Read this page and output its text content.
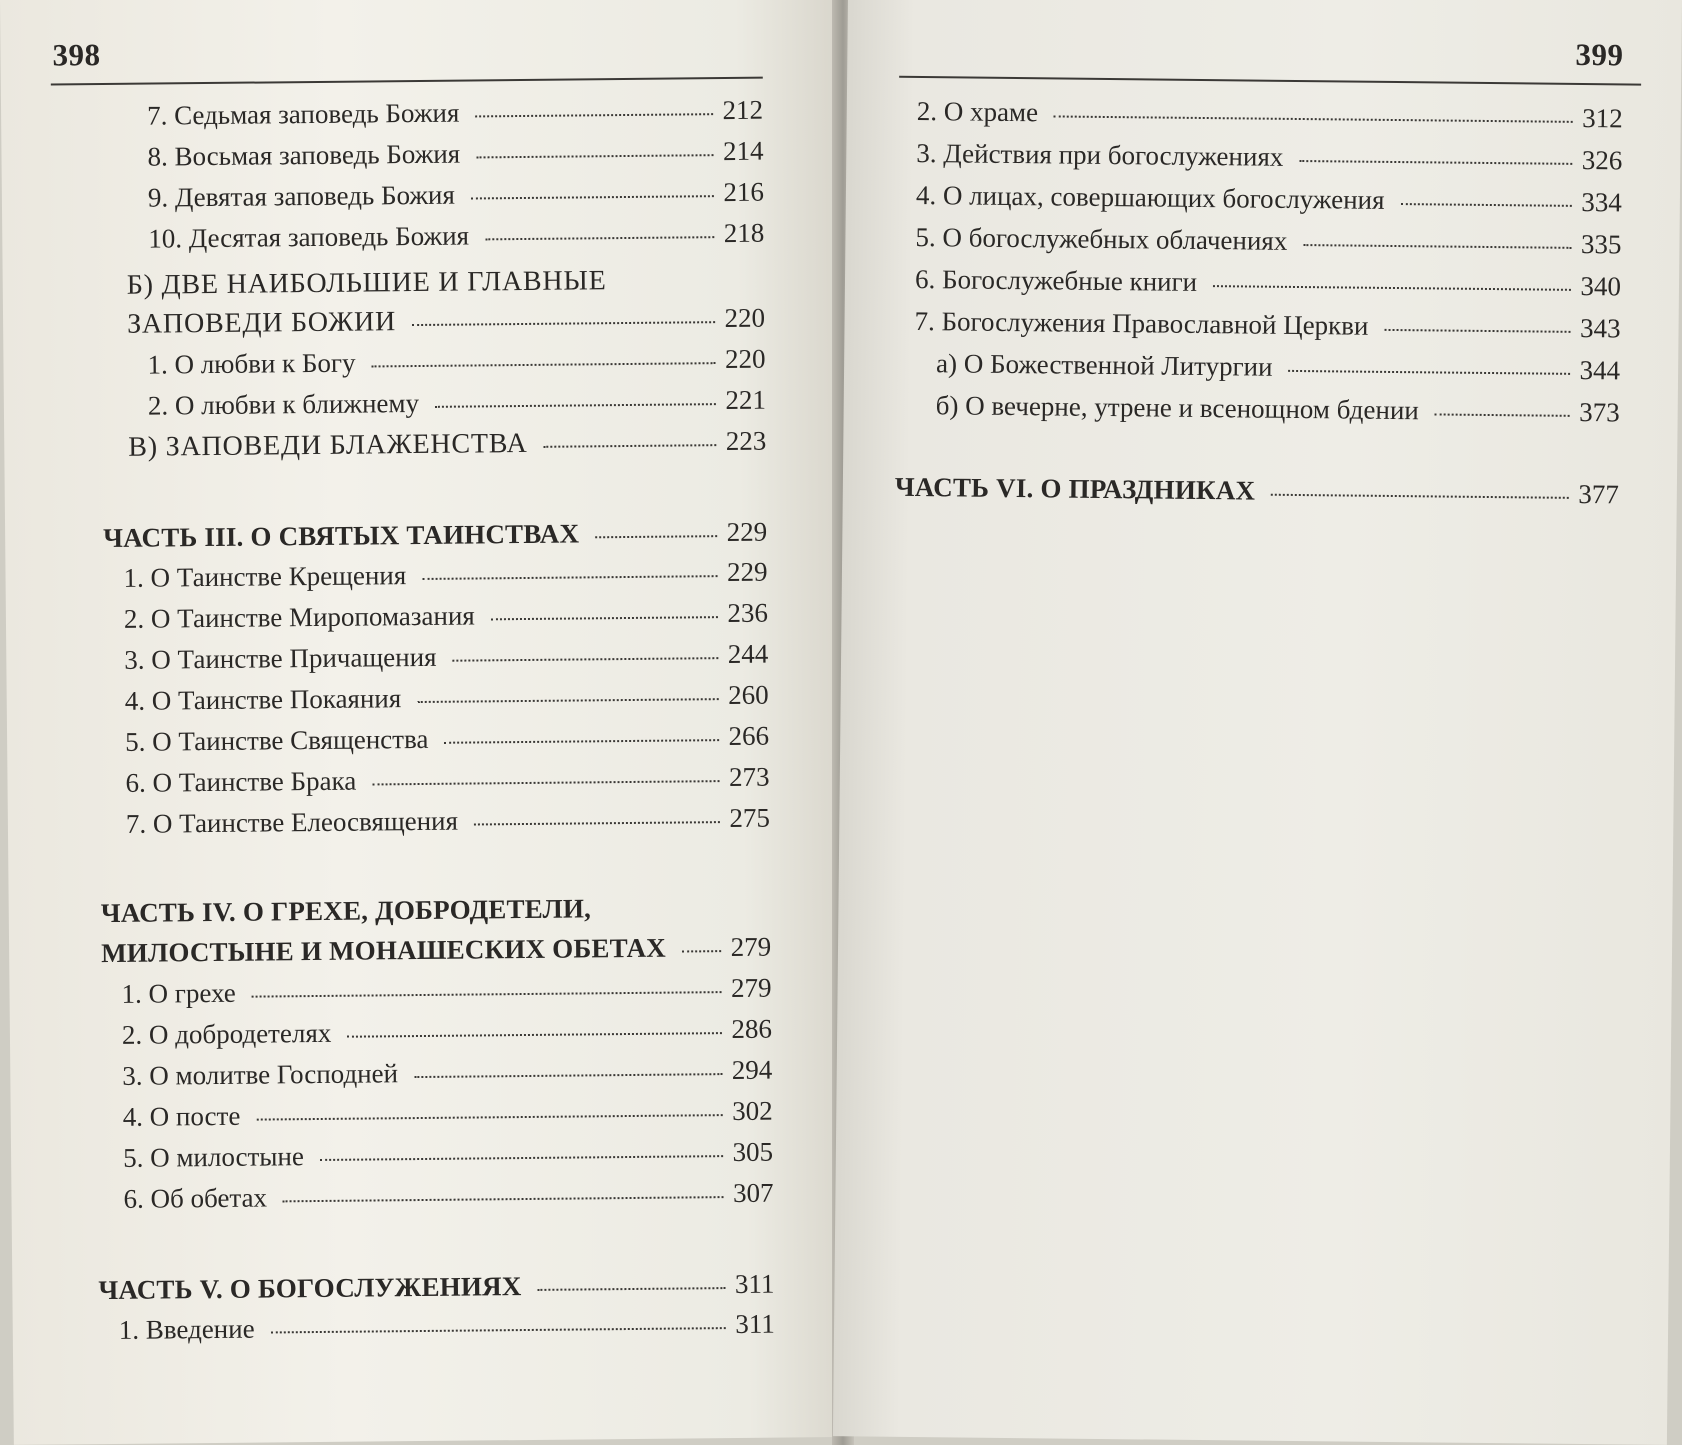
398
7. Седьмая заповедь Божия	212
8. Восьмая заповедь Божия	214
9. Девятая заповедь Божия	216
10. Десятая заповедь Божия	218
Б) ДВЕ НАИБОЛЬШИЕ И ГЛАВНЫЕ
ЗАПОВЕДИ БОЖИИ	220
1. О любви к Богу	220
2. О любви к ближнему	221
В) ЗАПОВЕДИ БЛАЖЕНСТВА	223
ЧАСТЬ III. О СВЯТЫХ ТАИНСТВАХ	229
1. О Таинстве Крещения	229
2. О Таинстве Миропомазания	236
3. О Таинстве Причащения	244
4. О Таинстве Покаяния	260
5. О Таинстве Священства	266
6. О Таинстве Брака	273
7. О Таинстве Елеосвящения	275
ЧАСТЬ IV. О ГРЕХЕ, ДОБРОДЕТЕЛИ,
МИЛОСТЫНЕ И МОНАШЕСКИХ ОБЕТАХ 279
1. О грехе	279
2. О добродетелях	286
3. О молитве Господней	294
4. О посте	302
5. О милостыне	305
6. Об обетах	307
ЧАСТЬ V. О БОГОСЛУЖЕНИЯХ	311
1. Введение	311
399
2. О храме	312
3. Действия при богослужениях	326
4. О лицах, совершающих богослужения	334
5. О богослужебных облачениях	335
6. Богослужебные книги	340
7. Богослужения Православной Церкви	343
а) О Божественной Литургии	344
б) О вечерне, утрене и всенощном бдении	373
ЧАСТЬ VI. О ПРАЗДНИКАХ	377
